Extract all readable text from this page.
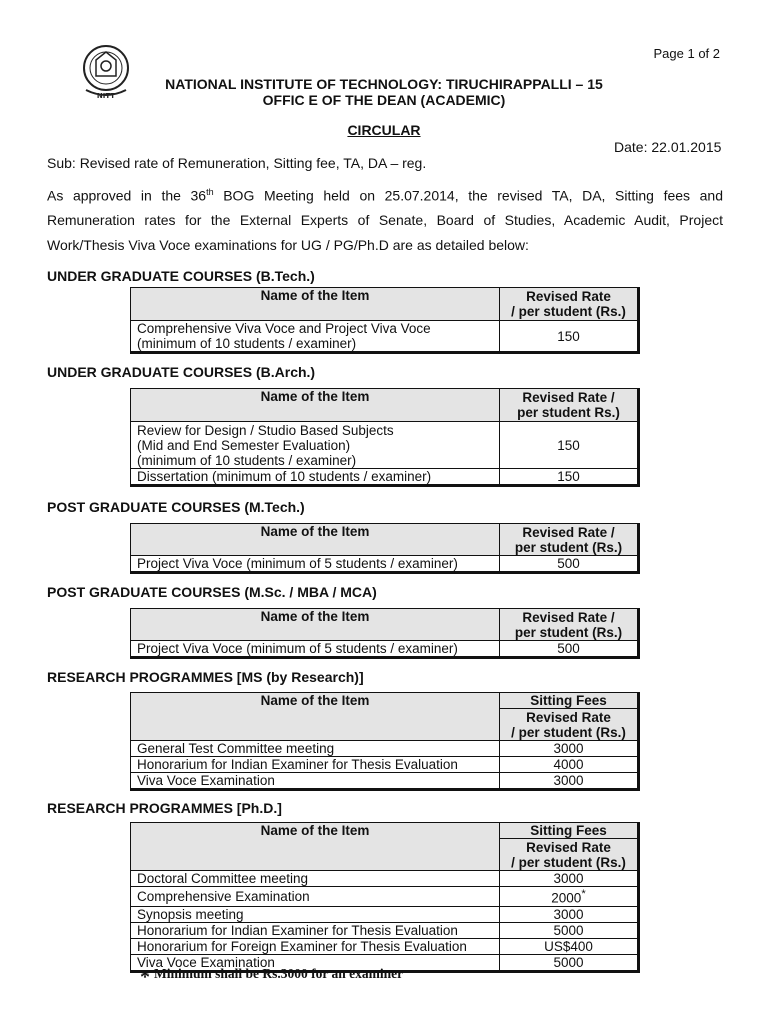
Page 1 of 2
NITT
NATIONAL INSTITUTE OF TECHNOLOGY: TIRUCHIRAPPALLI – 15
OFFIC E OF THE DEAN (ACADEMIC)
CIRCULAR
Date: 22.01.2015
Sub: Revised rate of Remuneration, Sitting fee, TA, DA – reg.
As approved in the 36th BOG Meeting held on 25.07.2014, the revised TA, DA, Sitting fees and Remuneration rates for the External Experts of Senate, Board of Studies, Academic Audit, Project Work/Thesis Viva Voce examinations for UG / PG/Ph.D are as detailed below:
UNDER GRADUATE COURSES (B.Tech.)
Name of the Item	Revised Rate
/ per student (Rs.)
Comprehensive Viva Voce and Project Viva Voce
(minimum of 10 students / examiner)	150
UNDER GRADUATE COURSES (B.Arch.)
Name of the Item	Revised Rate /
per student Rs.)
Review for Design / Studio Based Subjects
(Mid and End Semester Evaluation)
(minimum of 10 students / examiner)	150
Dissertation (minimum of 10 students / examiner)	150
POST GRADUATE COURSES (M.Tech.)
Name of the Item	Revised Rate /
per student (Rs.)
Project Viva Voce (minimum of 5 students / examiner)	500
POST GRADUATE COURSES (M.Sc. / MBA / MCA)
Name of the Item	Revised Rate /
per student (Rs.)
Project Viva Voce (minimum of 5 students / examiner)	500
RESEARCH PROGRAMMES [MS (by Research)]
Name of the Item	Sitting Fees
	Revised Rate
/ per student (Rs.)
General Test Committee meeting	3000
Honorarium for Indian Examiner for Thesis Evaluation	4000
Viva Voce Examination	3000
RESEARCH PROGRAMMES [Ph.D.]
Name of the Item	Sitting Fees
	Revised Rate
/ per student (Rs.)
Doctoral Committee meeting	3000
Comprehensive Examination	2000*
Synopsis meeting	3000
Honorarium for Indian Examiner for Thesis Evaluation	5000
Honorarium for Foreign Examiner for Thesis Evaluation	US$400
Viva Voce Examination	5000
* Minimum shall be Rs.3000 for an examiner
